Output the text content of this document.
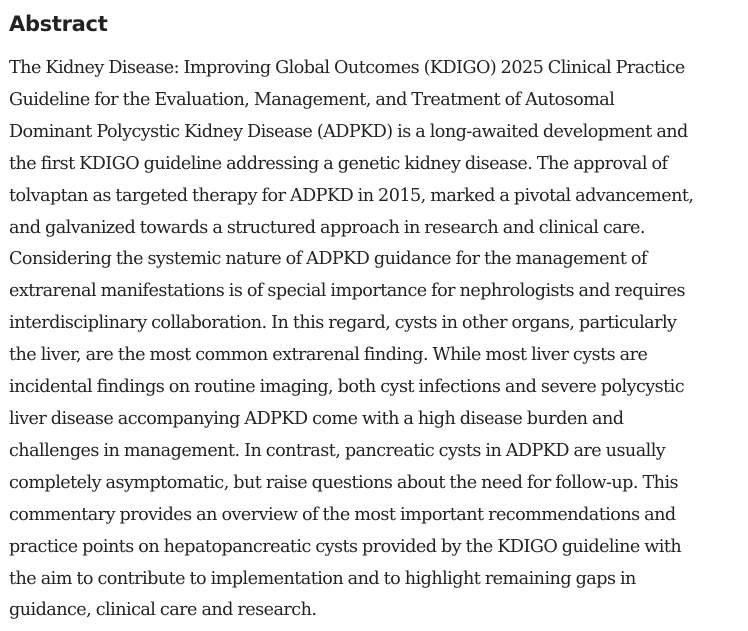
Abstract

The Kidney Disease: Improving Global Outcomes (KDIGO) 2025 Clinical Practice
Guideline for the Evaluation, Management, and Treatment of Autosomal
Dominant Polycystic Kidney Disease (ADPKD) is a long-awaited development and
the first KDIGO guideline addressing a genetic kidney disease. The approval of
tolvaptan as targeted therapy for ADPKD in 2015, marked a pivotal advancement,
and galvanized towards a structured approach in research and clinical care.
Considering the systemic nature of ADPKD guidance for the management of
extrarenal manifestations is of special importance for nephrologists and requires
interdisciplinary collaboration. In this regard, cysts in other organs, particularly
the liver, are the most common extrarenal finding. While most liver cysts are
incidental findings on routine imaging, both cyst infections and severe polycystic
liver disease accompanying ADPKD come with a high disease burden and
challenges in management. In contrast, pancreatic cysts in ADPKD are usually
completely asymptomatic, but raise questions about the need for follow-up. This
commentary provides an overview of the most important recommendations and
practice points on hepatopancreatic cysts provided by the KDIGO guideline with
the aim to contribute to implementation and to highlight remaining gaps in
guidance, clinical care and research.
